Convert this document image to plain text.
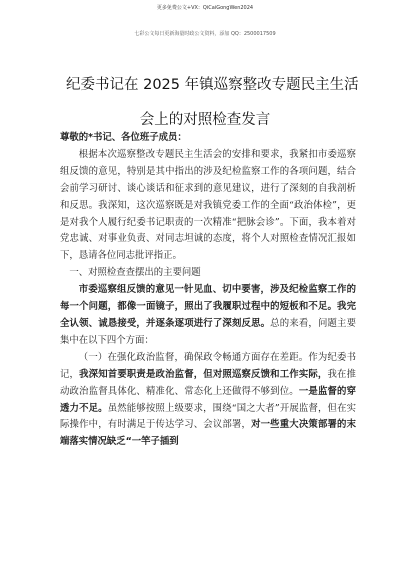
更多免费公文+VX：QiCaiGongWen2024
七彩公文每日更新海量时政公文资料，添加 QQ：2500017509
纪委书记在 2025 年镇巡察整改专题民主生活
会上的对照检查发言

尊敬的*书记、各位班子成员：

根据本次巡察整改专题民主生活会的安排和要求，我紧扣市委巡察组反馈的意见，特别是其中指出的涉及纪检监察工作的各项问题，结合会前学习研讨、谈心谈话和征求到的意见建议，进行了深刻的自我剖析和反思。我深知，这次巡察既是对我镇党委工作的全面“政治体检”，更是对我个人履行纪委书记职责的一次精准“把脉会诊”。下面，我本着对党忠诚、对事业负责、对同志坦诚的态度，将个人对照检查情况汇报如下，恳请各位同志批评指正。

一、对照检查查摆出的主要问题

市委巡察组反馈的意见一针见血、切中要害，涉及纪检监察工作的每一个问题，都像一面镜子，照出了我履职过程中的短板和不足。我完全认领、诚恳接受，并逐条逐项进行了深刻反思。总的来看，问题主要集中在以下四个方面：

（一）在强化政治监督，确保政令畅通方面存在差距。作为纪委书记，我深知首要职责是政治监督，但对照巡察反馈和工作实际，我在推动政治监督具体化、精准化、常态化上还做得不够到位。一是监督的穿透力不足。虽然能够按照上级要求，围绕“国之大者”开展监督，但在实际操作中，有时满足于传达学习、会议部署，对一些重大决策部署的末端落实情况缺乏“一竿子插到
